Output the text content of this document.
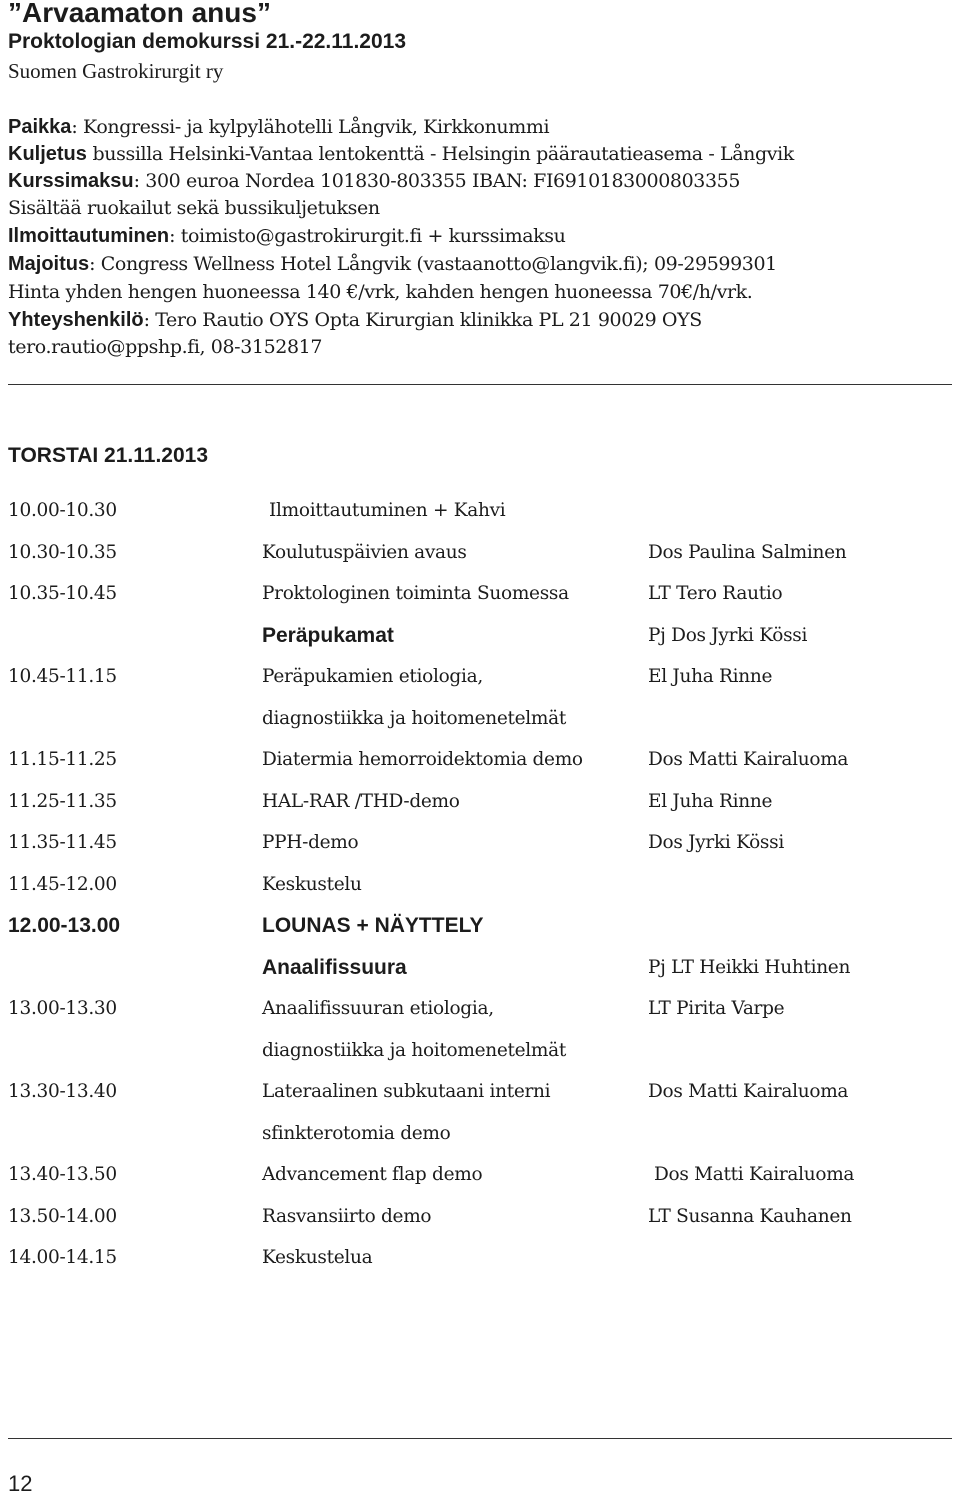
”Arvaamaton anus”
Proktologian demokurssi 21.-22.11.2013
Suomen Gastrokirurgit ry
Paikka: Kongressi- ja kylpylähotelli Långvik, Kirkkonummi
Kuljetus bussilla Helsinki-Vantaa lentokenttä - Helsingin päärautatieasema - Långvik
Kurssimaksu: 300 euroa Nordea 101830-803355 IBAN: FI6910183000803355
Sisältää ruokailut sekä bussikuljetuksen
Ilmoittautuminen: toimisto@gastrokirurgit.fi + kurssimaksu
Majoitus: Congress Wellness Hotel Långvik (vastaanotto@langvik.fi); 09-29599301
Hinta yhden hengen huoneessa 140 €/vrk, kahden hengen huoneessa 70€/h/vrk.
Yhteyshenkilö: Tero Rautio OYS Opta Kirurgian klinikka PL 21 90029 OYS
tero.rautio@ppshp.fi, 08-3152817
TORSTAI 21.11.2013
10.00-10.30	Ilmoittautuminen + Kahvi
10.30-10.35	Koulutuspäivien avaus	Dos Paulina Salminen
10.35-10.45	Proktologinen toiminta Suomessa	LT Tero Rautio
Peräpukamat	Pj Dos Jyrki Kössi
10.45-11.15	Peräpukamien etiologia,	El Juha Rinne
diagnostiikka ja hoitomenetelmät
11.15-11.25	Diatermia hemorroidektomia demo	Dos Matti Kairaluoma
11.25-11.35	HAL-RAR /THD-demo	El Juha Rinne
11.35-11.45	PPH-demo	Dos Jyrki Kössi
11.45-12.00	Keskustelu
12.00-13.00	LOUNAS + NÄYTTELY
Anaalifissuura	Pj LT Heikki Huhtinen
13.00-13.30	Anaalifissuuran etiologia,	LT Pirita Varpe
diagnostiikka ja hoitomenetelmät
13.30-13.40	Lateraalinen subkutaani interni	Dos Matti Kairaluoma
sfinkterotomia demo
13.40-13.50	Advancement flap demo	Dos Matti Kairaluoma
13.50-14.00	Rasvansiirto demo	LT Susanna Kauhanen
14.00-14.15	Keskustelua
12
